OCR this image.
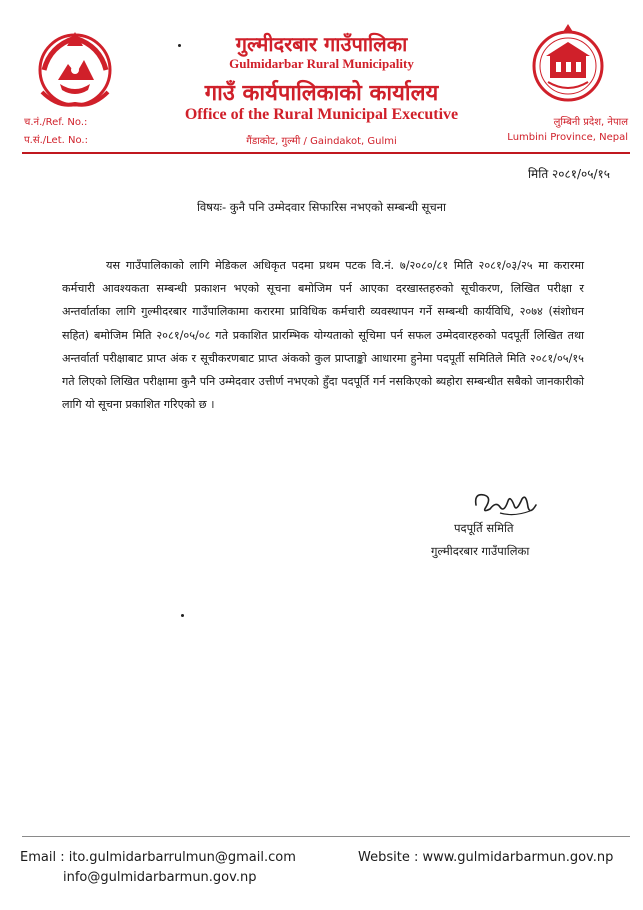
गुल्मीदरबार गाउँपालिका
Gulmidarbar Rural Municipality
गाउँ कार्यपालिकाको कार्यालय
Office of the Rural Municipal Executive
गैंडाकोट, गुल्मी / Gaindakot, Gulmi
च.नं./Ref. No.:
प.सं./Let. No.:
लुम्बिनी प्रदेश, नेपाल
Lumbini Province, Nepal
मिति २०८१/०५/१५
विषयः- कुनै पनि उम्मेदवार सिफारिस नभएको सम्बन्धी सूचना
यस गाउँपालिकाको लागि मेडिकल अधिकृत पदमा प्रथम पटक वि.नं. ७/२०८०/८१ मिति २०८१/०३/२५ मा करारमा कर्मचारी आवश्यकता सम्बन्धी प्रकाशन भएको सूचना बमोजिम पर्न आएका दरखास्तहरुको सूचीकरण, लिखित परीक्षा र अन्तर्वार्ताका लागि गुल्मीदरबार गाउँपालिकामा करारमा प्राविधिक कर्मचारी व्यवस्थापन गर्ने सम्बन्धी कार्यविधि, २०७४ (संशोधन सहित) बमोजिम मिति २०८१/०५/०८ गते प्रकाशित प्रारम्भिक योग्यताको सूचिमा पर्न सफल उम्मेदवारहरुको पदपूर्ती लिखित तथा अन्तर्वार्ता परीक्षाबाट प्राप्त अंक र सूचीकरणबाट प्राप्त अंकको कुल प्राप्ताङ्को आधारमा हुनेमा पदपूर्ती समितिले मिति २०८१/०५/१५ गते लिएको लिखित परीक्षामा कुनै पनि उम्मेदवार उत्तीर्ण नभएको हुँदा पदपूर्ति गर्न नसकिएको ब्यहोरा सम्बन्धीत सबैको जानकारीको लागि यो सूचना प्रकाशित गरिएको छ ।
पदपूर्ति समिति
गुल्मीदरबार गाउँपालिका
Email : ito.gulmidarbarrulmun@gmail.com
info@gulmidarbarmun.gov.np
Website : www.gulmidarbarmun.gov.np
